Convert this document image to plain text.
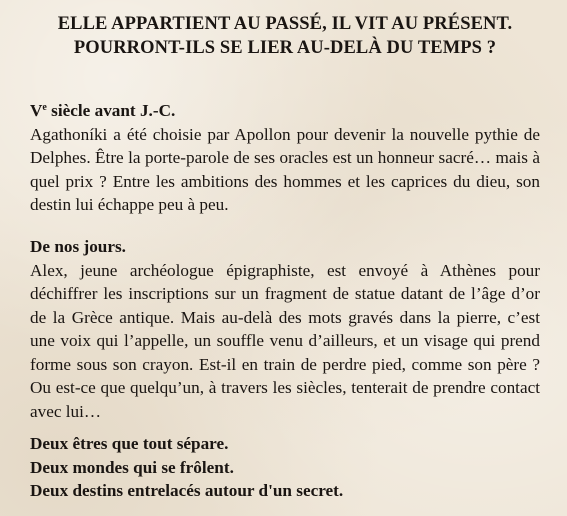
ELLE APPARTIENT AU PASSÉ, IL VIT AU PRÉSENT.
POURRONT-ILS SE LIER AU-DELÀ DU TEMPS ?

Ve siècle avant J.-C.
Agathoníki a été choisie par Apollon pour devenir la nouvelle pythie de Delphes. Être la porte-parole de ses oracles est un honneur sacré… mais à quel prix ? Entre les ambitions des hommes et les caprices du dieu, son destin lui échappe peu à peu.

De nos jours.
Alex, jeune archéologue épigraphiste, est envoyé à Athènes pour déchiffrer les inscriptions sur un fragment de statue datant de l’âge d’or de la Grèce antique. Mais au-delà des mots gravés dans la pierre, c’est une voix qui l’appelle, un souffle venu d’ailleurs, et un visage qui prend forme sous son crayon. Est-il en train de perdre pied, comme son père ? Ou est-ce que quelqu’un, à travers les siècles, tenterait de prendre contact avec lui…

Deux êtres que tout sépare.
Deux mondes qui se frôlent.
Deux destins entrelacés autour d'un secret.
